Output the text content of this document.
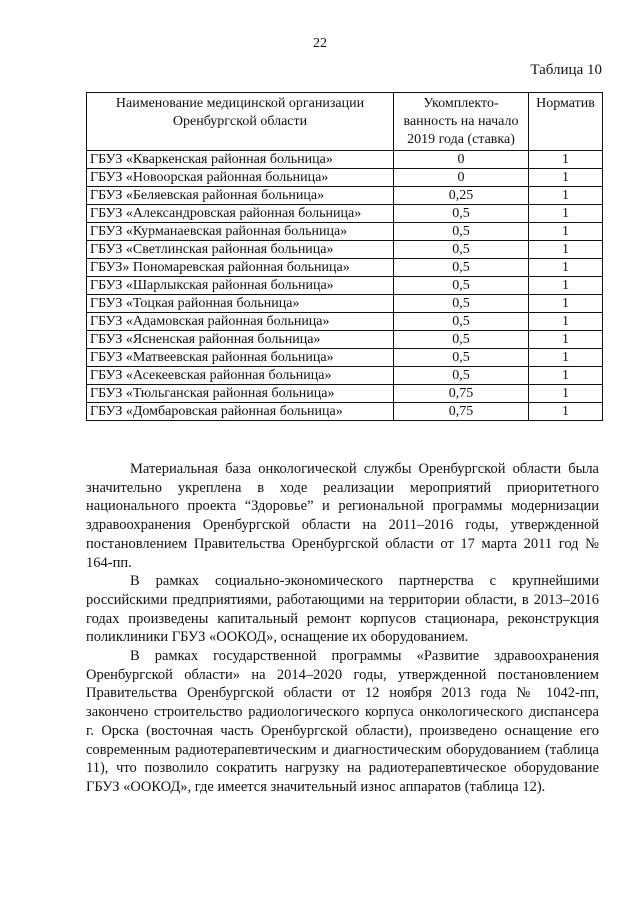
22
Таблица 10
Наименование медицинской организации Оренбургской области	Укомплекто-ванность на начало 2019 года (ставка)	Норматив
ГБУЗ «Кваркенская районная больница»	0	1
ГБУЗ «Новоорская районная больница»	0	1
ГБУЗ «Беляевская районная больница»	0,25	1
ГБУЗ «Александровская районная больница»	0,5	1
ГБУЗ «Курманаевская районная больница»	0,5	1
ГБУЗ «Светлинская районная больница»	0,5	1
ГБУЗ» Пономаревская районная больница»	0,5	1
ГБУЗ «Шарлыкская районная больница»	0,5	1
ГБУЗ «Тоцкая районная больница»	0,5	1
ГБУЗ «Адамовская районная больница»	0,5	1
ГБУЗ «Ясненская районная больница»	0,5	1
ГБУЗ «Матвеевская районная больница»	0,5	1
ГБУЗ «Асекеевская районная больница»	0,5	1
ГБУЗ «Тюльганская районная больница»	0,75	1
ГБУЗ «Домбаровская районная больница»	0,75	1

Материальная база онкологической службы Оренбургской области была значительно укреплена в ходе реализации мероприятий приоритетного национального проекта “Здоровье” и региональной программы модернизации здравоохранения Оренбургской области на 2011–2016 годы, утвержденной постановлением Правительства Оренбургской области от 17 марта 2011 год № 164-пп.

В рамках социально-экономического партнерства с крупнейшими российскими предприятиями, работающими на территории области, в 2013–2016 годах произведены капитальный ремонт корпусов стационара, реконструкция поликлиники ГБУЗ «ООКОД», оснащение их оборудованием.

В рамках государственной программы «Развитие здравоохранения Оренбургской области» на 2014–2020 годы, утвержденной постановлением Правительства Оренбургской области от 12 ноября 2013 года № 1042-пп, закончено строительство радиологического корпуса онкологического диспансера г. Орска (восточная часть Оренбургской области), произведено оснащение его современным радиотерапевтическим и диагностическим оборудованием (таблица 11), что позволило сократить нагрузку на радиотерапевтическое оборудование ГБУЗ «ООКОД», где имеется значительный износ аппаратов (таблица 12).
